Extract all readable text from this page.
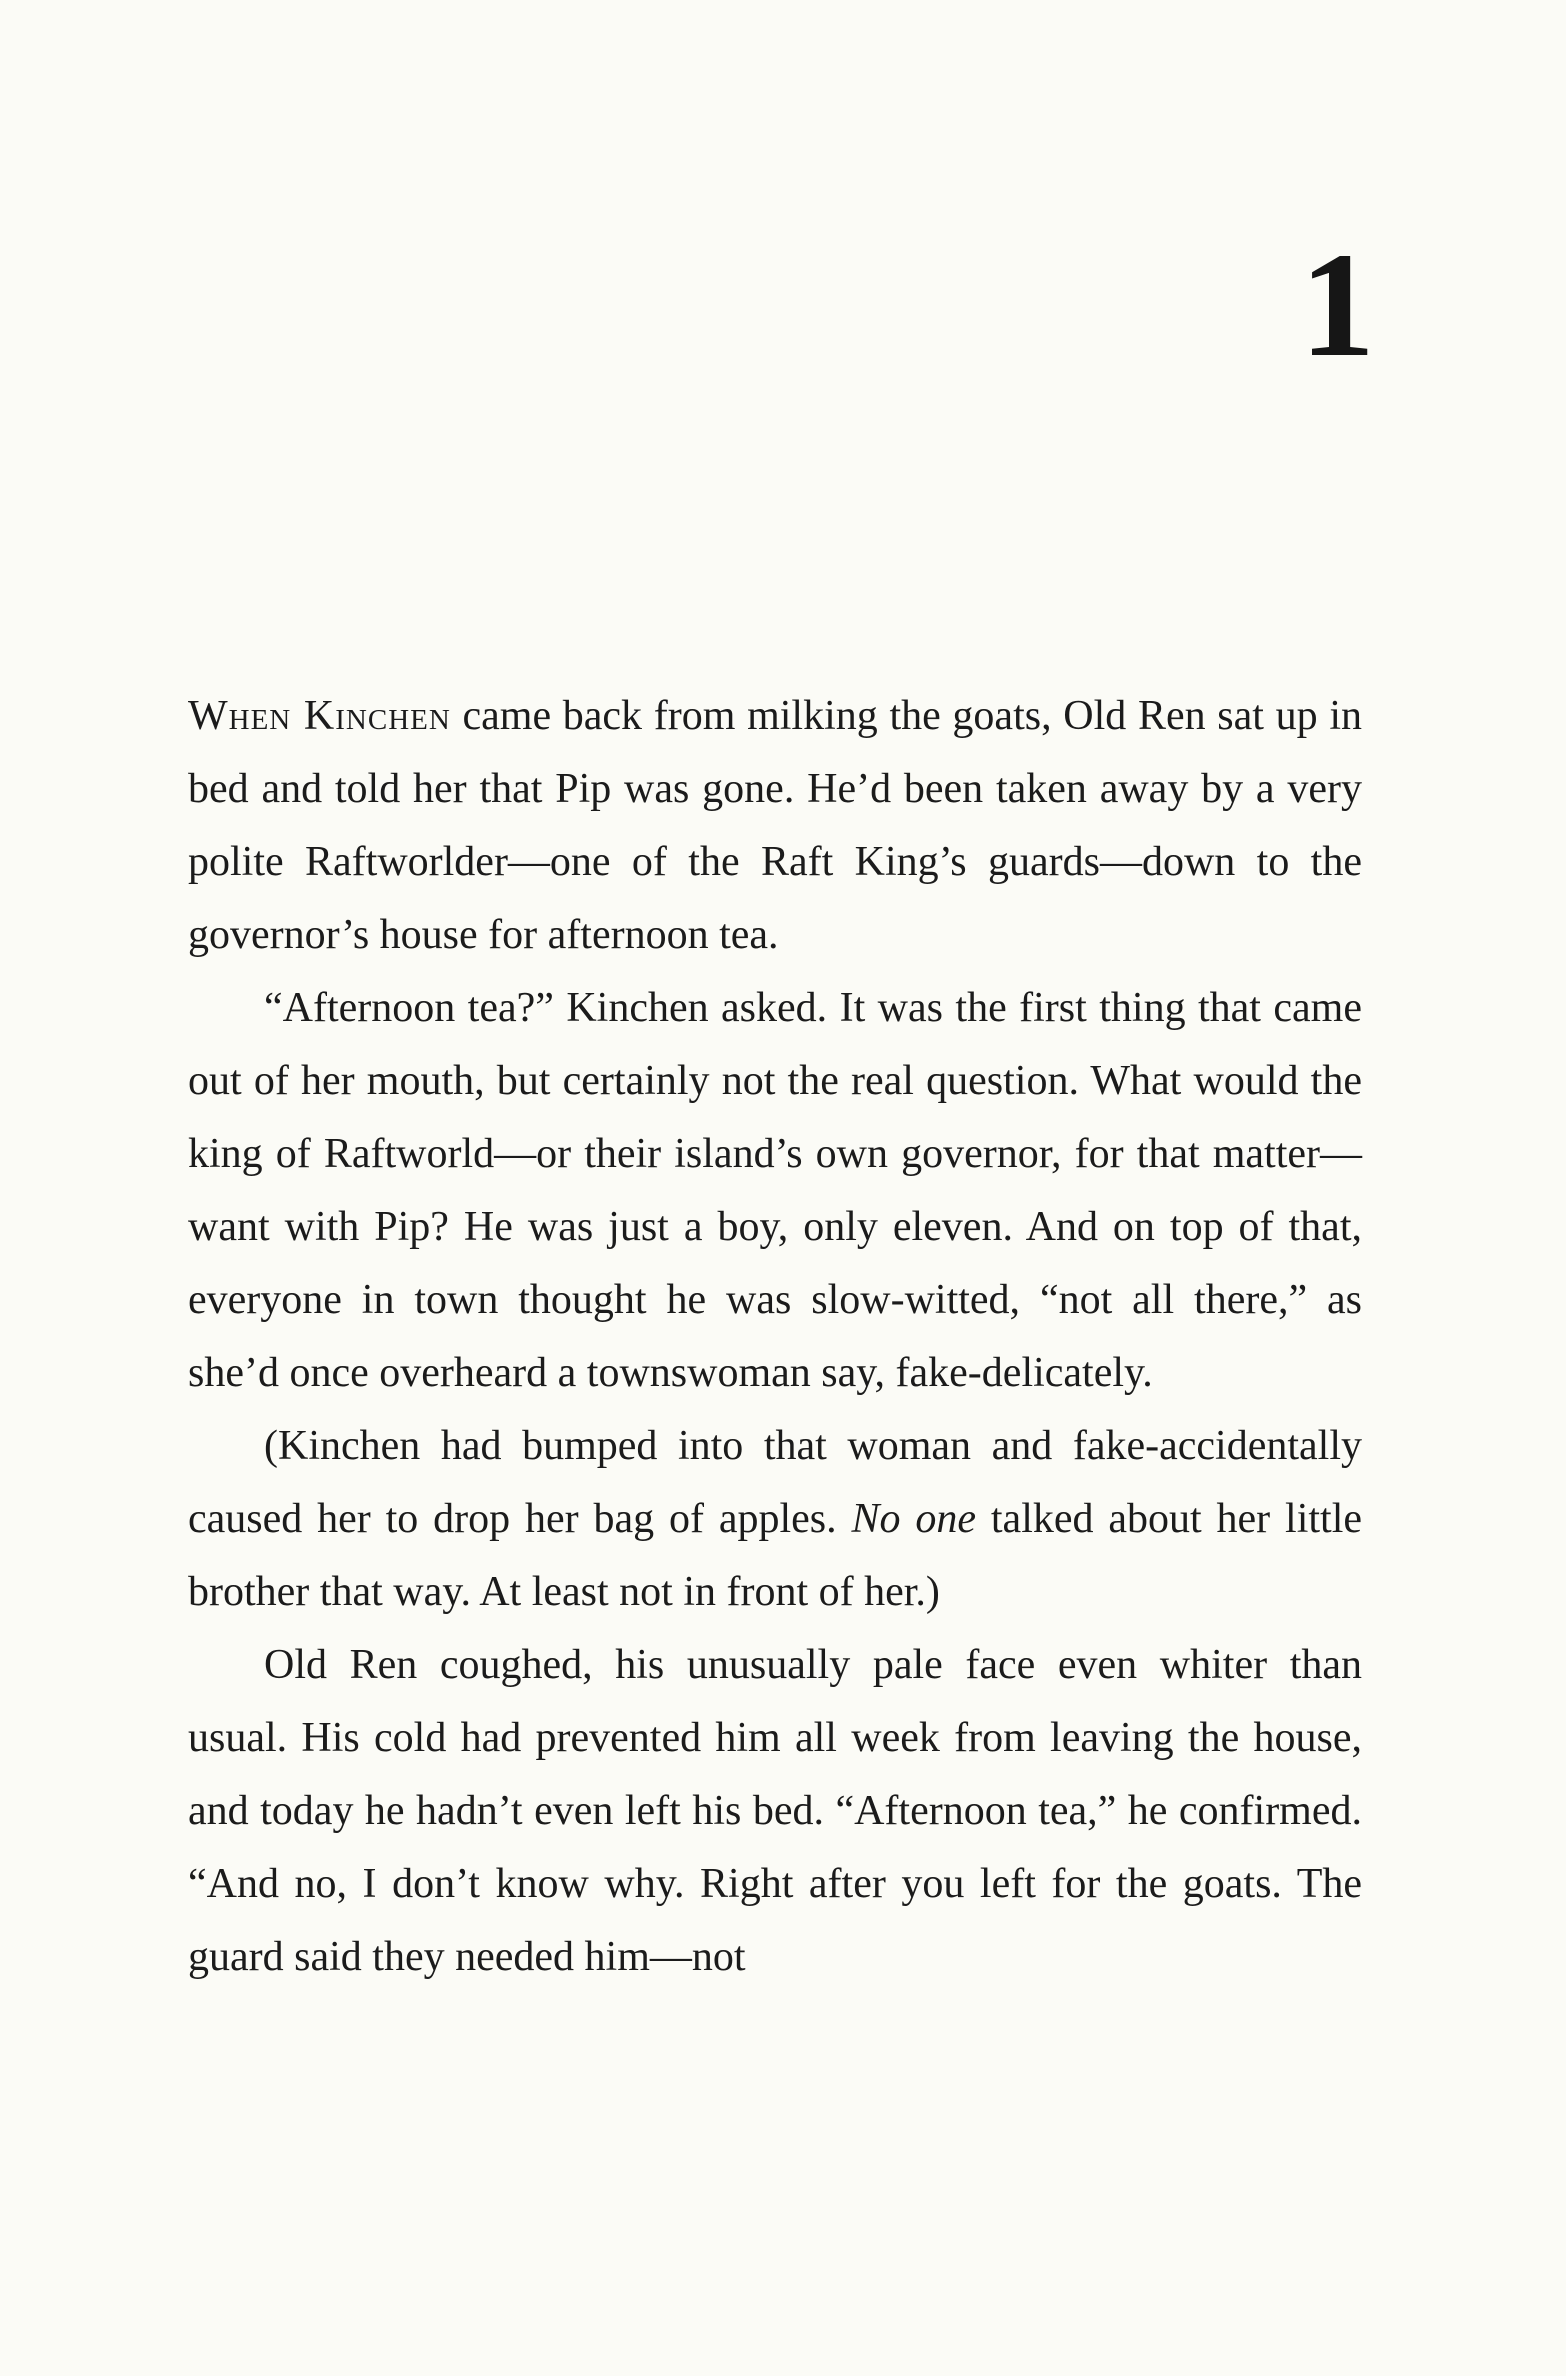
1

When Kinchen came back from milking the goats, Old Ren sat up in bed and told her that Pip was gone. He’d been taken away by a very polite Raftworlder—one of the Raft King’s guards—down to the governor’s house for afternoon tea.

“Afternoon tea?” Kinchen asked. It was the first thing that came out of her mouth, but certainly not the real question. What would the king of Raftworld—or their island’s own governor, for that matter—want with Pip? He was just a boy, only eleven. And on top of that, everyone in town thought he was slow-witted, “not all there,” as she’d once overheard a townswoman say, fake-delicately.

(Kinchen had bumped into that woman and fake-accidentally caused her to drop her bag of apples. No one talked about her little brother that way. At least not in front of her.)

Old Ren coughed, his unusually pale face even whiter than usual. His cold had prevented him all week from leaving the house, and today he hadn’t even left his bed. “Afternoon tea,” he confirmed. “And no, I don’t know why. Right after you left for the goats. The guard said they needed him—not
